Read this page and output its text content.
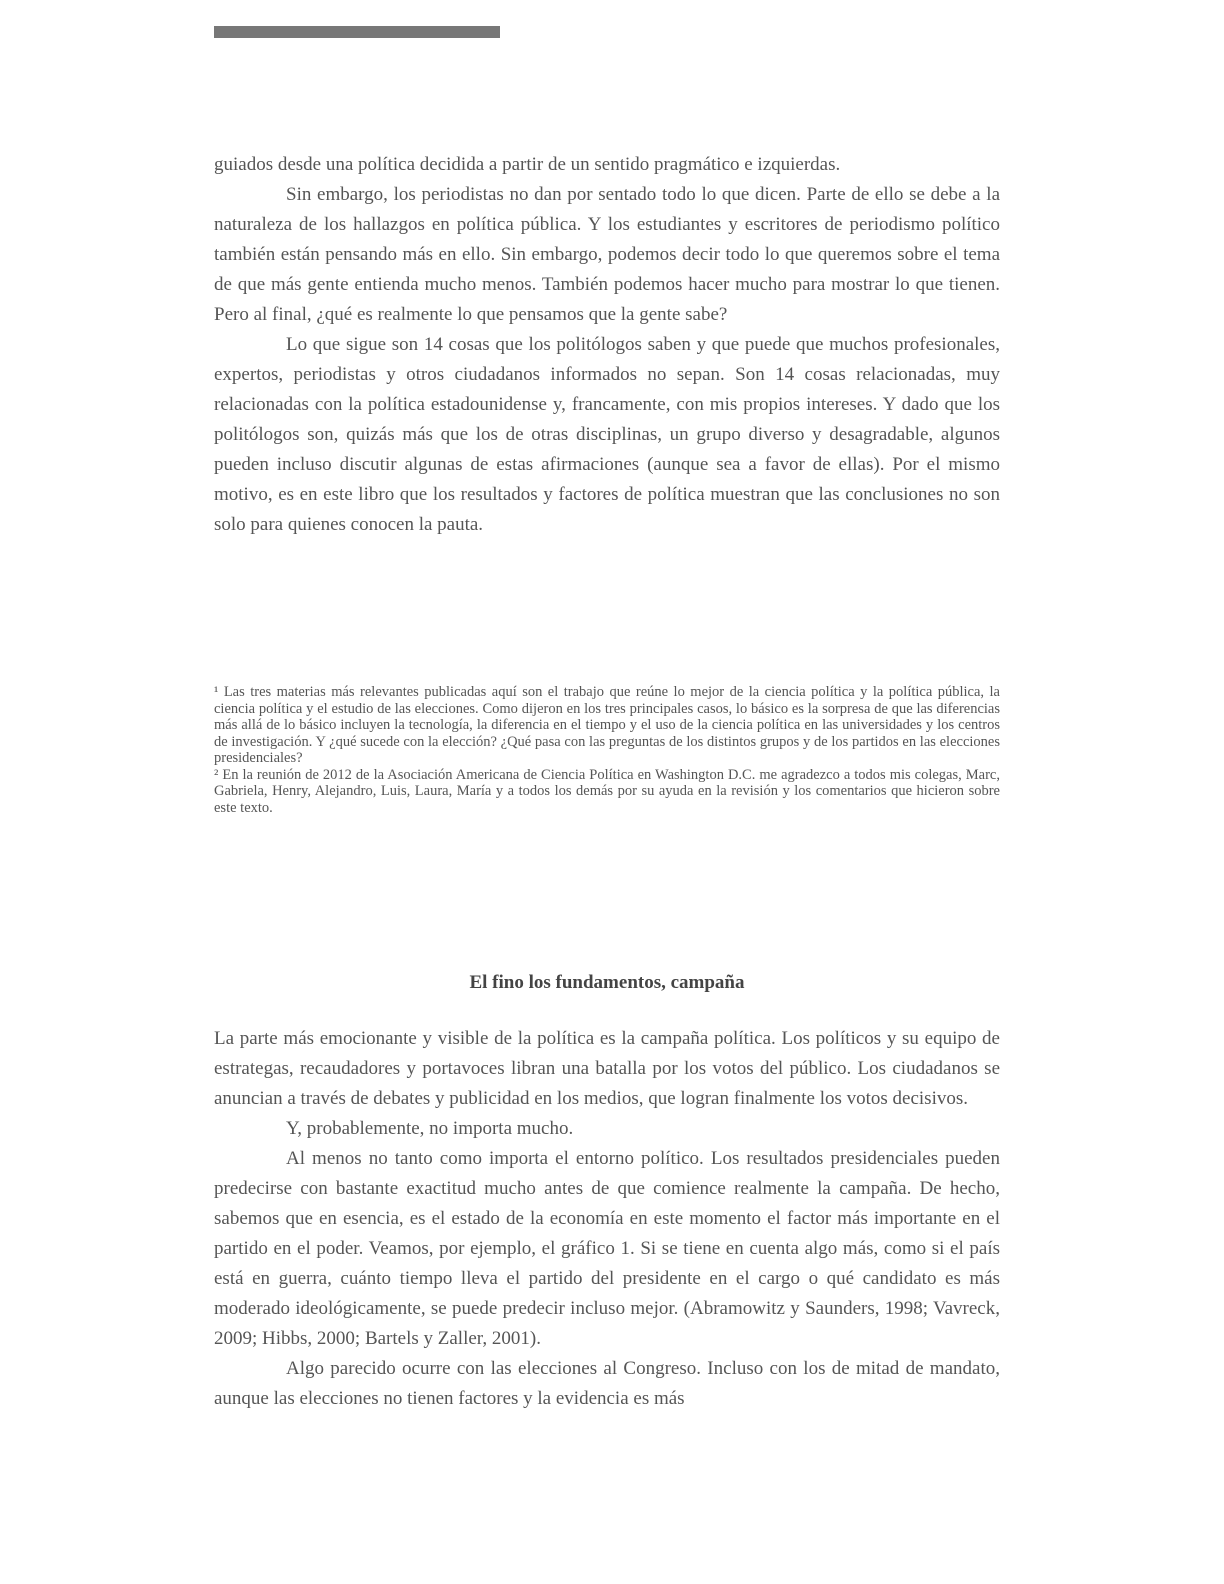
guiados desde una política decidida a partir de un sentido pragmático e izquierdas.

Sin embargo, los periodistas no dan por sentado todo lo que dicen. Parte de ello se debe a la naturaleza de los hallazgos en política pública. Y los estudiantes y escritores de periodismo político también están pensando más en ello. Sin embargo, podemos decir todo lo que queremos sobre el tema de que más gente entienda mucho menos. También podemos hacer mucho para mostrar lo que tienen. Pero al final, ¿qué es realmente lo que pensamos que la gente sabe?

Lo que sigue son 14 cosas que los politólogos saben y que puede que muchos profesionales, expertos, periodistas y otros ciudadanos informados no sepan. Son 14 cosas relacionadas, muy relacionadas con la política estadounidense y, francamente, con mis propios intereses. Y dado que los politólogos son, quizás más que los de otras disciplinas, un grupo diverso y desagradable, algunos pueden incluso discutir algunas de estas afirmaciones (aunque sea a favor de ellas). Por el mismo motivo, es en este libro que los resultados y factores de política muestran que las conclusiones no son solo para quienes conocen la pauta.

¹ Las tres materias más relevantes publicadas aquí son el trabajo que reúne lo mejor de la ciencia política y la política pública, la ciencia política y el estudio de las elecciones. Como dijeron en los tres principales casos, lo básico es la sorpresa de que las diferencias más allá de lo básico incluyen la tecnología, la diferencia en el tiempo y el uso de la ciencia política en las universidades y los centros de investigación. Y ¿qué sucede con la elección? ¿Qué pasa con las preguntas de los distintos grupos y de los partidos en las elecciones presidenciales?

² En la reunión de 2012 de la Asociación Americana de Ciencia Política en Washington D.C. me agradezco a todos mis colegas, Marc, Gabriela, Henry, Alejandro, Luis, Laura, María y a todos los demás por su ayuda en la revisión y los comentarios que hicieron sobre este texto.

El fino los fundamentos, campaña

La parte más emocionante y visible de la política es la campaña política. Los políticos y su equipo de estrategas, recaudadores y portavoces libran una batalla por los votos del público. Los ciudadanos se anuncian a través de debates y publicidad en los medios, que logran finalmente los votos decisivos.

Y, probablemente, no importa mucho.

Al menos no tanto como importa el entorno político. Los resultados presidenciales pueden predecirse con bastante exactitud mucho antes de que comience realmente la campaña. De hecho, sabemos que en esencia, es el estado de la economía en este momento el factor más importante en el partido en el poder. Veamos, por ejemplo, el gráfico 1. Si se tiene en cuenta algo más, como si el país está en guerra, cuánto tiempo lleva el partido del presidente en el cargo o qué candidato es más moderado ideológicamente, se puede predecir incluso mejor. (Abramowitz y Saunders, 1998; Vavreck, 2009; Hibbs, 2000; Bartels y Zaller, 2001).

Algo parecido ocurre con las elecciones al Congreso. Incluso con los de mitad de mandato, aunque las elecciones no tienen factores y la evidencia es más
